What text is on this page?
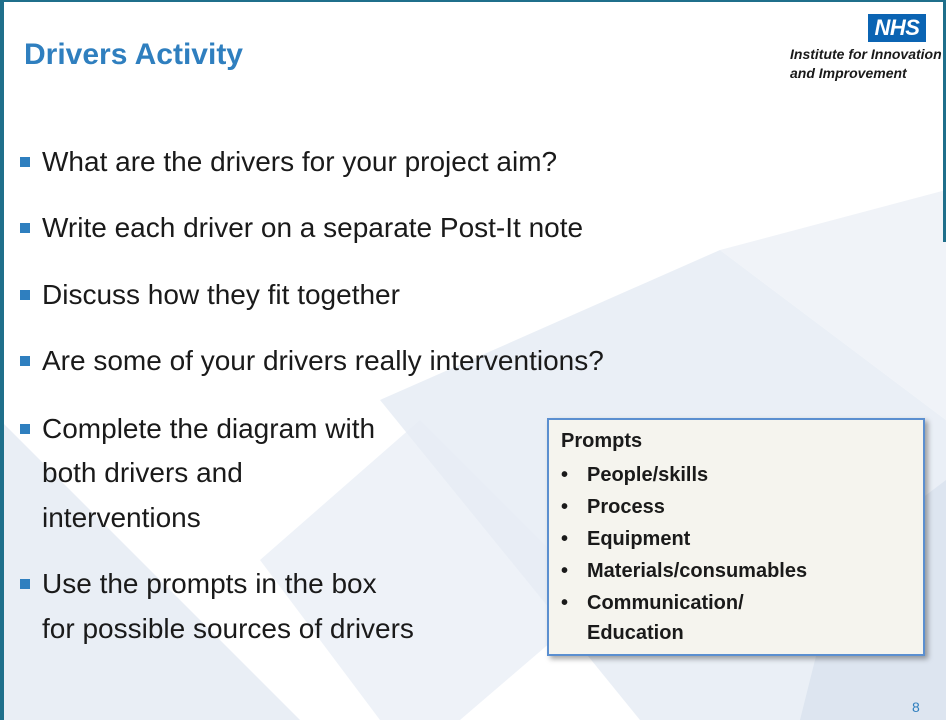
Drivers Activity
NHS
Institute for Innovation
and Improvement
What are the drivers for your project aim?
Write each driver on a separate Post-It note
Discuss how they fit together
Are some of your drivers really interventions?
Complete the diagram with
both drivers and
interventions
Use the prompts in the box
for possible sources of drivers
Prompts
• People/skills
• Process
• Equipment
• Materials/consumables
• Communication/
Education
8
